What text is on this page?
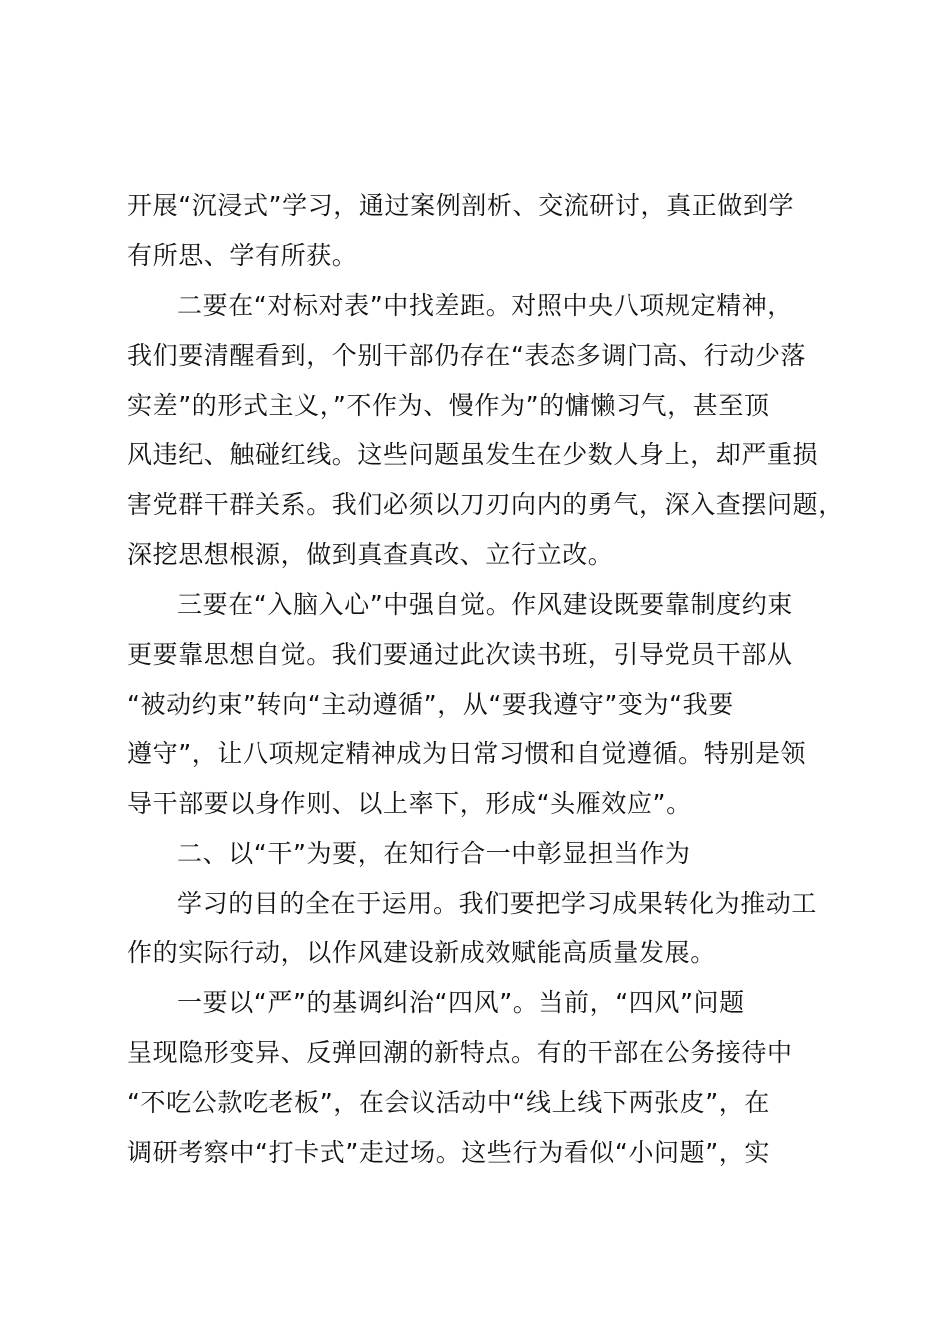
开展“沉浸式”学习，通过案例剖析、交流研讨，真正做到学
有所思、学有所获。
二要在“对标对表”中找差距。对照中央八项规定精神，
我们要清醒看到，个别干部仍存在“表态多调门高、行动少落
实差”的形式主义，”不作为、慢作为”的慵懒习气，甚至顶
风违纪、触碰红线。这些问题虽发生在少数人身上，却严重损
害党群干群关系。我们必须以刀刃向内的勇气，深入查摆问题，
深挖思想根源，做到真查真改、立行立改。
三要在“入脑入心”中强自觉。作风建设既要靠制度约束
更要靠思想自觉。我们要通过此次读书班，引导党员干部从
“被动约束”转向“主动遵循”，从“要我遵守”变为“我要
遵守”，让八项规定精神成为日常习惯和自觉遵循。特别是领
导干部要以身作则、以上率下，形成“头雁效应”。
二、以“干”为要，在知行合一中彰显担当作为
学习的目的全在于运用。我们要把学习成果转化为推动工
作的实际行动，以作风建设新成效赋能高质量发展。
一要以“严”的基调纠治“四风”。当前，“四风”问题
呈现隐形变异、反弹回潮的新特点。有的干部在公务接待中
“不吃公款吃老板”，在会议活动中“线上线下两张皮”，在
调研考察中“打卡式”走过场。这些行为看似“小问题”，实
